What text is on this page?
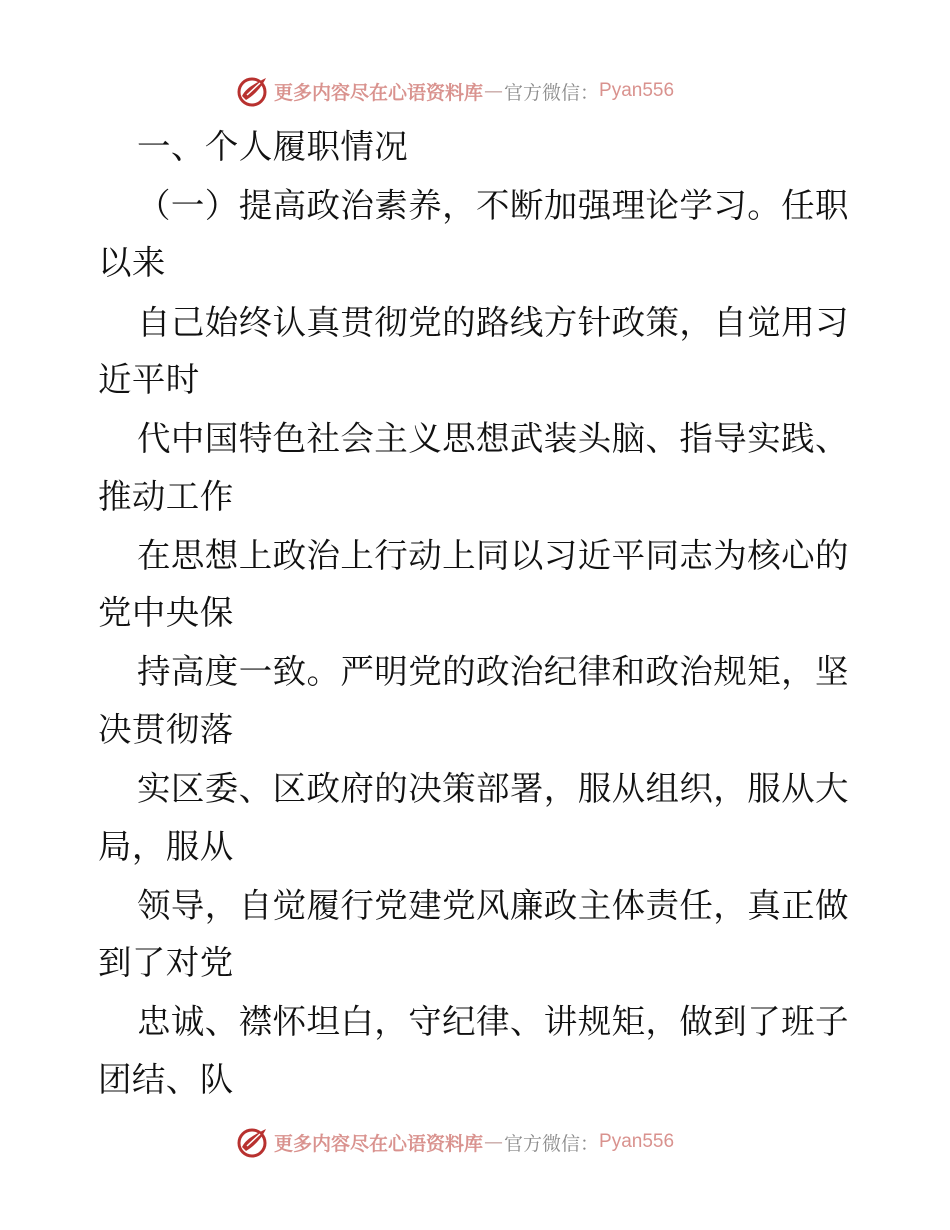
更多内容尽在心语资料库 — 官方微信： Pyan556
一、个人履职情况
（一）提高政治素养，不断加强理论学习。任职
以来
自己始终认真贯彻党的路线方针政策，自觉用习
近平时
代中国特色社会主义思想武装头脑、指导实践、
推动工作
在思想上政治上行动上同以习近平同志为核心的
党中央保
持高度一致。严明党的政治纪律和政治规矩，坚
决贯彻落
实区委、区政府的决策部署，服从组织，服从大
局，服从
领导，自觉履行党建党风廉政主体责任，真正做
到了对党
忠诚、襟怀坦白，守纪律、讲规矩，做到了班子
团结、队
更多内容尽在心语资料库 — 官方微信： Pyan556
